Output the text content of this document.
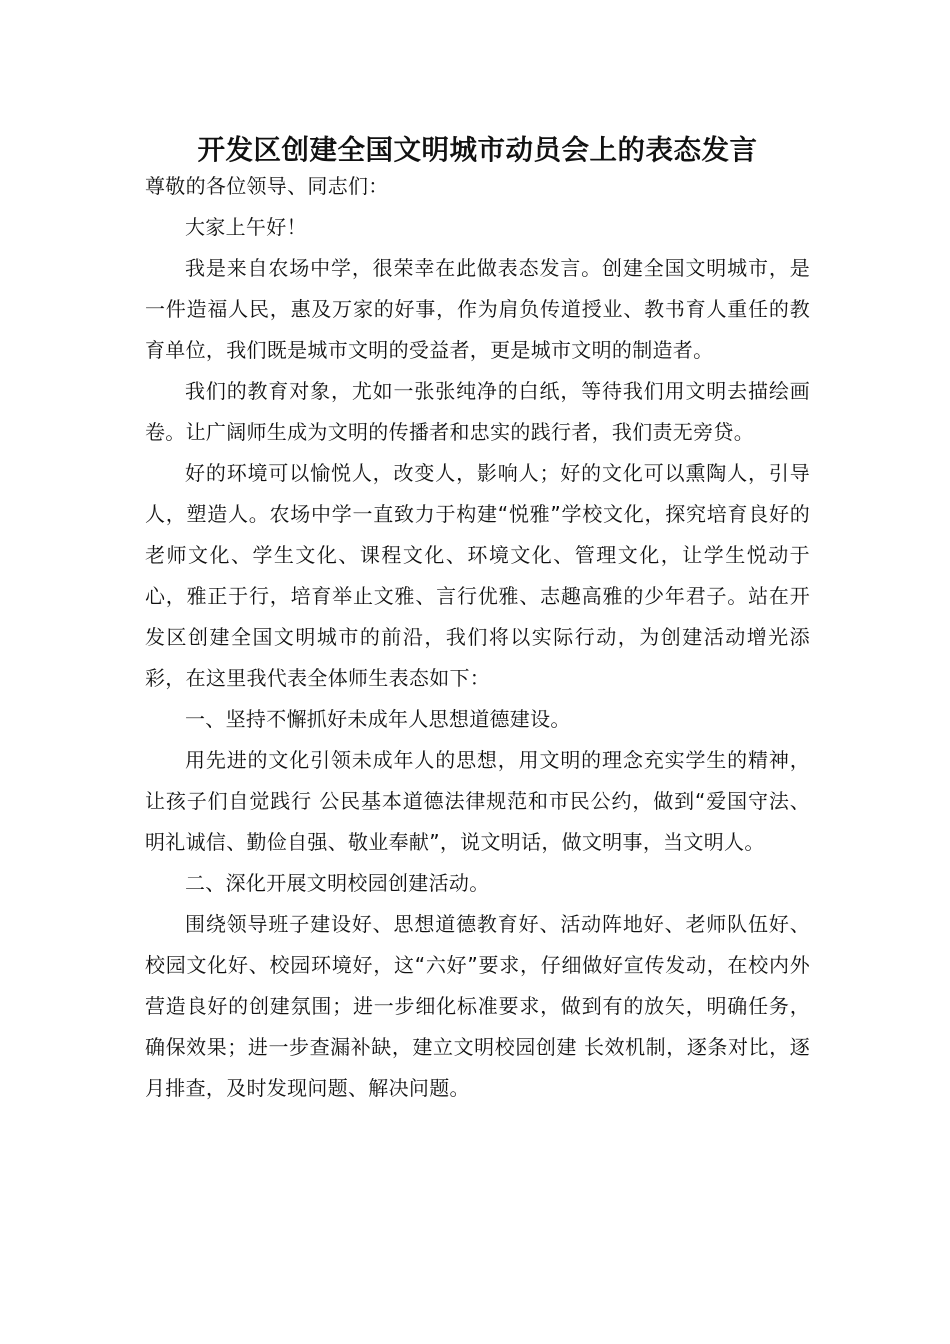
开发区创建全国文明城市动员会上的表态发言

尊敬的各位领导、同志们：

大家上午好！

我是来自农场中学，很荣幸在此做表态发言。创建全国文明城市，是一件造福人民，惠及万家的好事，作为肩负传道授业、教书育人重任的教育单位，我们既是城市文明的受益者，更是城市文明的制造者。

我们的教育对象，尤如一张张纯净的白纸，等待我们用文明去描绘画卷。让广阔师生成为文明的传播者和忠实的践行者，我们责无旁贷。

好的环境可以愉悦人，改变人，影响人；好的文化可以熏陶人，引导人，塑造人。农场中学一直致力于构建“悦雅”学校文化，探究培育良好的老师文化、学生文化、课程文化、环境文化、管理文化，让学生悦动于心，雅正于行，培育举止文雅、言行优雅、志趣高雅的少年君子。站在开发区创建全国文明城市的前沿，我们将以实际行动，为创建活动增光添彩，在这里我代表全体师生表态如下：

一、坚持不懈抓好未成年人思想道德建设。

用先进的文化引领未成年人的思想，用文明的理念充实学生的精神，让孩子们自觉践行 公民基本道德法律规范和市民公约，做到“爱国守法、明礼诚信、勤俭自强、敬业奉献”，说文明话，做文明事，当文明人。

二、深化开展文明校园创建活动。

围绕领导班子建设好、思想道德教育好、活动阵地好、老师队伍好、校园文化好、校园环境好，这“六好”要求，仔细做好宣传发动，在校内外营造良好的创建氛围；进一步细化标准要求，做到有的放矢，明确任务，确保效果；进一步查漏补缺，建立文明校园创建 长效机制，逐条对比，逐月排查，及时发现问题、解决问题。
